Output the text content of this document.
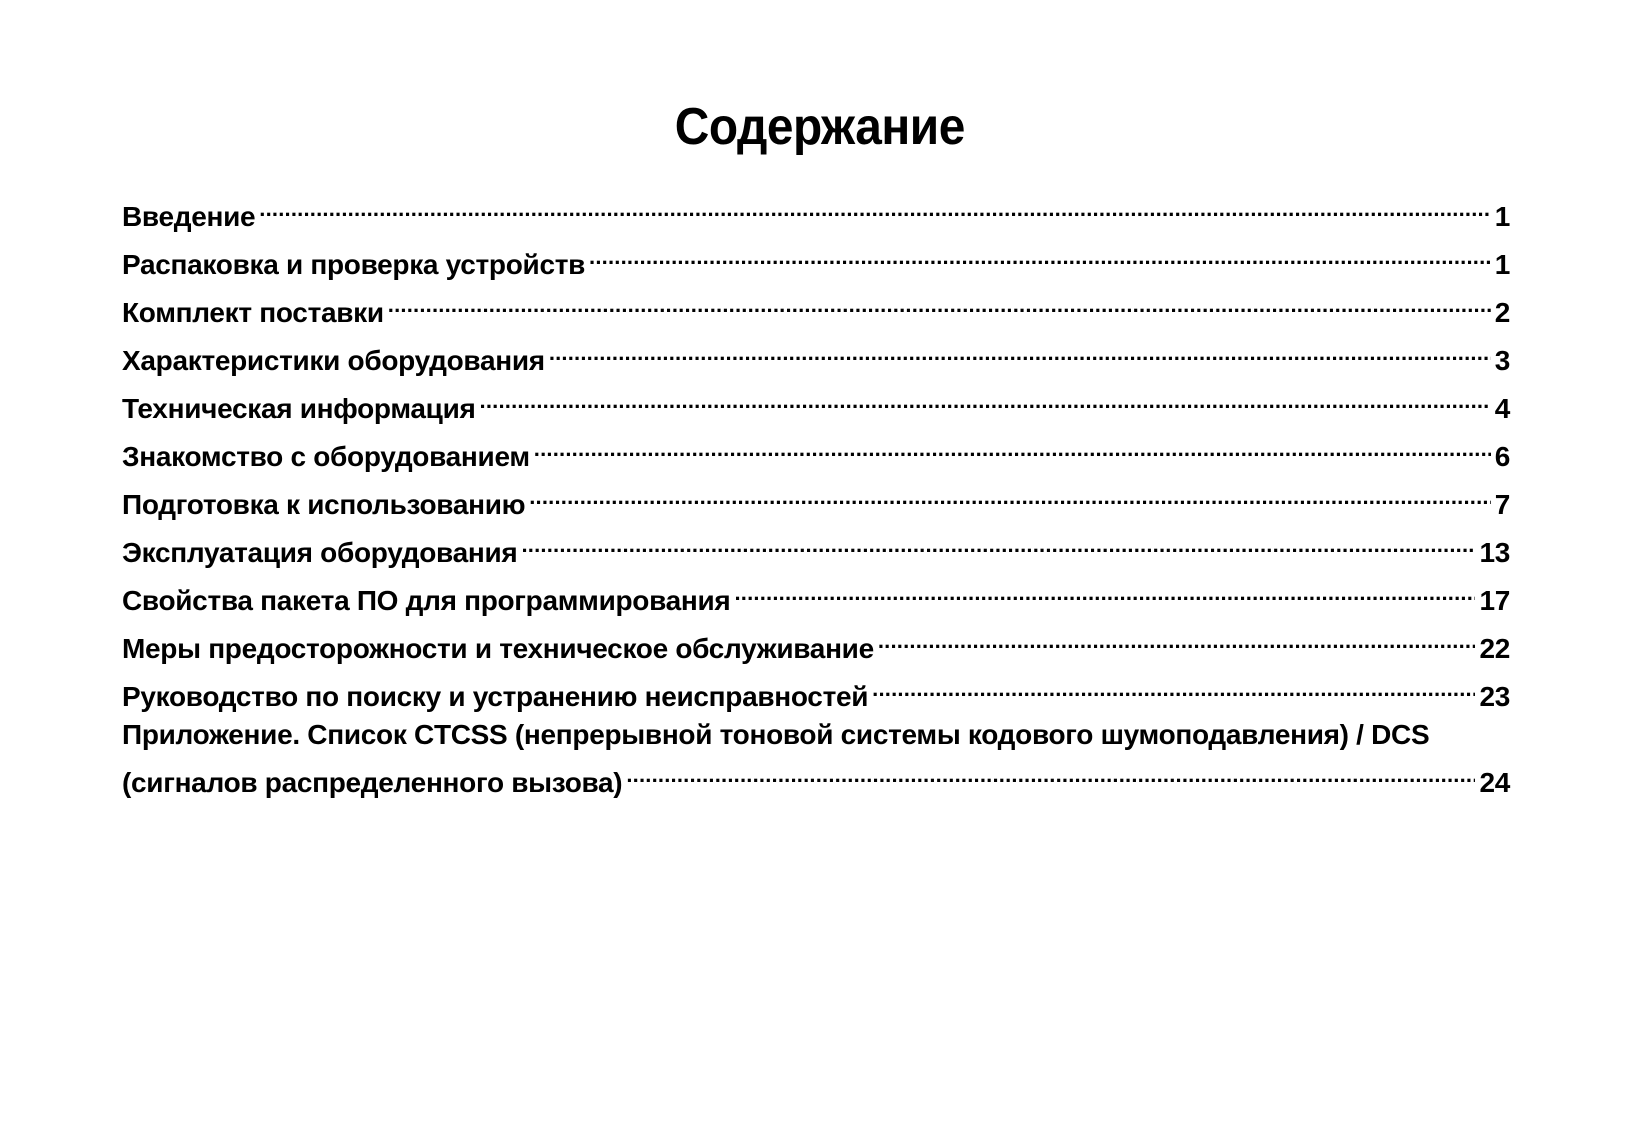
Содержание
Введение .....	1
Распаковка и проверка устройств .....	1
Комплект поставки .....	2
Характеристики оборудования .....	3
Техническая информация .....	4
Знакомство с оборудованием .....	6
Подготовка к использованию .....	7
Эксплуатация оборудования .....	13
Свойства пакета ПО для программирования .....	17
Меры предосторожности и техническое обслуживание .....	22
Руководство по поиску и устранению неисправностей .....	23
Приложение. Список CTCSS (непрерывной тоновой системы кодового шумоподавления) / DCS
(сигналов распределенного вызова) .....	24
